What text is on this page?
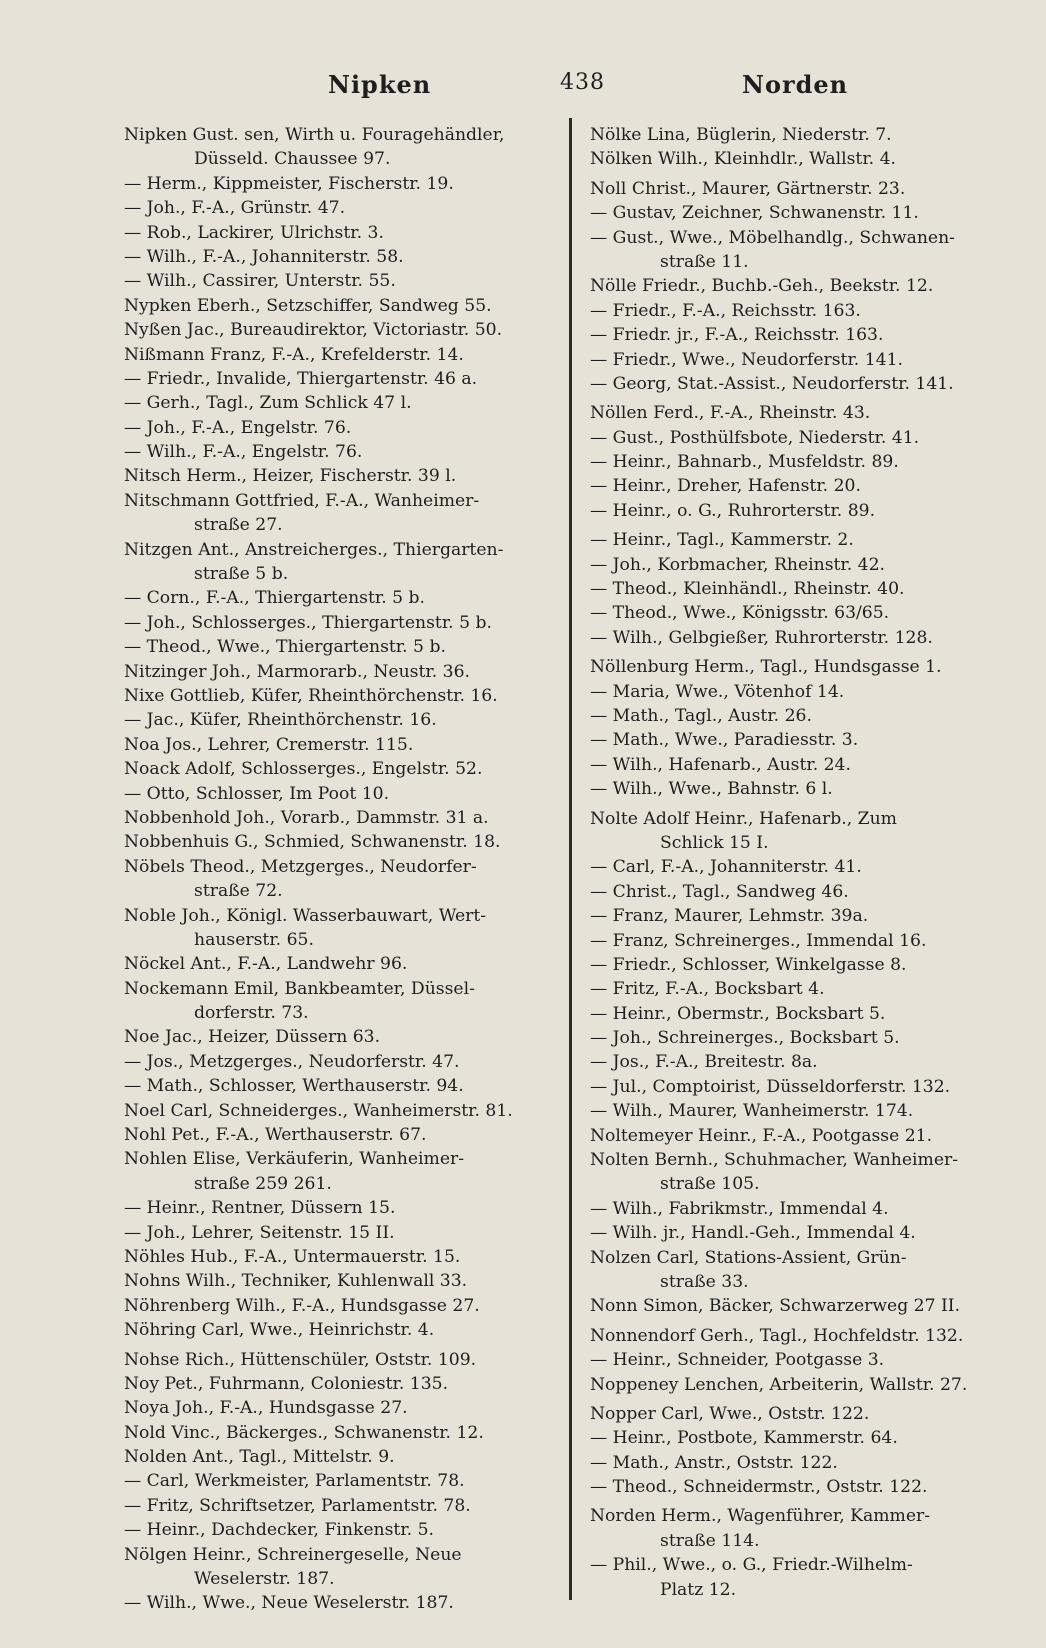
Nipken	438	Norden
Nipken Gust. sen, Wirth u. Fouragehändler,
Düsseld. Chaussee 97.
— Herm., Kippmeister, Fischerstr. 19.
— Joh., F.-A., Grünstr. 47.
— Rob., Lackirer, Ulrichstr. 3.
— Wilh., F.-A., Johanniterstr. 58.
— Wilh., Cassirer, Unterstr. 55.
Nypken Eberh., Setzschiffer, Sandweg 55.
Nyßen Jac., Bureaudirektor, Victoriastr. 50.
Nißmann Franz, F.-A., Krefelderstr. 14.
— Friedr., Invalide, Thiergartenstr. 46 a.
— Gerh., Tagl., Zum Schlick 47 l.
— Joh., F.-A., Engelstr. 76.
— Wilh., F.-A., Engelstr. 76.
Nitsch Herm., Heizer, Fischerstr. 39 l.
Nitschmann Gottfried, F.-A., Wanheimer-
straße 27.
Nitzgen Ant., Anstreicherges., Thiergarten-
straße 5 b.
— Corn., F.-A., Thiergartenstr. 5 b.
— Joh., Schlosserges., Thiergartenstr. 5 b.
— Theod., Wwe., Thiergartenstr. 5 b.
Nitzinger Joh., Marmorarb., Neustr. 36.
Nixe Gottlieb, Küfer, Rheinthörchenstr. 16.
— Jac., Küfer, Rheinthörchenstr. 16.
Noa Jos., Lehrer, Cremerstr. 115.
Noack Adolf, Schlosserges., Engelstr. 52.
— Otto, Schlosser, Im Poot 10.
Nobbenhold Joh., Vorarb., Dammstr. 31 a.
Nobbenhuis G., Schmied, Schwanenstr. 18.
Nöbels Theod., Metzgerges., Neudorfer-
straße 72.
Noble Joh., Königl. Wasserbauwart, Wert-
hauserstr. 65.
Nöckel Ant., F.-A., Landwehr 96.
Nockemann Emil, Bankbeamter, Düssel-
dorferstr. 73.
Noe Jac., Heizer, Düssern 63.
— Jos., Metzgerges., Neudorferstr. 47.
— Math., Schlosser, Werthauserstr. 94.
Noel Carl, Schneiderges., Wanheimerstr. 81.
Nohl Pet., F.-A., Werthauserstr. 67.
Nohlen Elise, Verkäuferin, Wanheimer-
straße 259 261.
— Heinr., Rentner, Düssern 15.
— Joh., Lehrer, Seitenstr. 15 II.
Nöhles Hub., F.-A., Untermauerstr. 15.
Nohns Wilh., Techniker, Kuhlenwall 33.
Nöhrenberg Wilh., F.-A., Hundsgasse 27.
Nöhring Carl, Wwe., Heinrichstr. 4.
Nohse Rich., Hüttenschüler, Oststr. 109.
Noy Pet., Fuhrmann, Coloniestr. 135.
Noya Joh., F.-A., Hundsgasse 27.
Nold Vinc., Bäckerges., Schwanenstr. 12.
Nolden Ant., Tagl., Mittelstr. 9.
— Carl, Werkmeister, Parlamentstr. 78.
— Fritz, Schriftsetzer, Parlamentstr. 78.
— Heinr., Dachdecker, Finkenstr. 5.
Nölgen Heinr., Schreinergeselle, Neue
Weselerstr. 187.
— Wilh., Wwe., Neue Weselerstr. 187.
Nölke Lina, Büglerin, Niederstr. 7.
Nölken Wilh., Kleinhdlr., Wallstr. 4.
Noll Christ., Maurer, Gärtnerstr. 23.
— Gustav, Zeichner, Schwanenstr. 11.
— Gust., Wwe., Möbelhandlg., Schwanen-
straße 11.
Nölle Friedr., Buchb.-Geh., Beekstr. 12.
— Friedr., F.-A., Reichsstr. 163.
— Friedr. jr., F.-A., Reichsstr. 163.
— Friedr., Wwe., Neudorferstr. 141.
— Georg, Stat.-Assist., Neudorferstr. 141.
Nöllen Ferd., F.-A., Rheinstr. 43.
— Gust., Posthülfsbote, Niederstr. 41.
— Heinr., Bahnarb., Musfeldstr. 89.
— Heinr., Dreher, Hafenstr. 20.
— Heinr., o. G., Ruhrorterstr. 89.
— Heinr., Tagl., Kammerstr. 2.
— Joh., Korbmacher, Rheinstr. 42.
— Theod., Kleinhändl., Rheinstr. 40.
— Theod., Wwe., Königsstr. 63/65.
— Wilh., Gelbgießer, Ruhrorterstr. 128.
Nöllenburg Herm., Tagl., Hundsgasse 1.
— Maria, Wwe., Vötenhof 14.
— Math., Tagl., Austr. 26.
— Math., Wwe., Paradiesstr. 3.
— Wilh., Hafenarb., Austr. 24.
— Wilh., Wwe., Bahnstr. 6 l.
Nolte Adolf Heinr., Hafenarb., Zum
Schlick 15 I.
— Carl, F.-A., Johanniterstr. 41.
— Christ., Tagl., Sandweg 46.
— Franz, Maurer, Lehmstr. 39a.
— Franz, Schreinerges., Immendal 16.
— Friedr., Schlosser, Winkelgasse 8.
— Fritz, F.-A., Bocksbart 4.
— Heinr., Obermstr., Bocksbart 5.
— Joh., Schreinerges., Bocksbart 5.
— Jos., F.-A., Breitestr. 8a.
— Jul., Comptoirist, Düsseldorferstr. 132.
— Wilh., Maurer, Wanheimerstr. 174.
Noltemeyer Heinr., F.-A., Pootgasse 21.
Nolten Bernh., Schuhmacher, Wanheimer-
straße 105.
— Wilh., Fabrikmstr., Immendal 4.
— Wilh. jr., Handl.-Geh., Immendal 4.
Nolzen Carl, Stations-Assient, Grün-
straße 33.
Nonn Simon, Bäcker, Schwarzerweg 27 II.
Nonnendorf Gerh., Tagl., Hochfeldstr. 132.
— Heinr., Schneider, Pootgasse 3.
Noppeney Lenchen, Arbeiterin, Wallstr. 27.
Nopper Carl, Wwe., Oststr. 122.
— Heinr., Postbote, Kammerstr. 64.
— Math., Anstr., Oststr. 122.
— Theod., Schneidermstr., Oststr. 122.
Norden Herm., Wagenführer, Kammer-
straße 114.
— Phil., Wwe., o. G., Friedr.-Wilhelm-
Platz 12.
